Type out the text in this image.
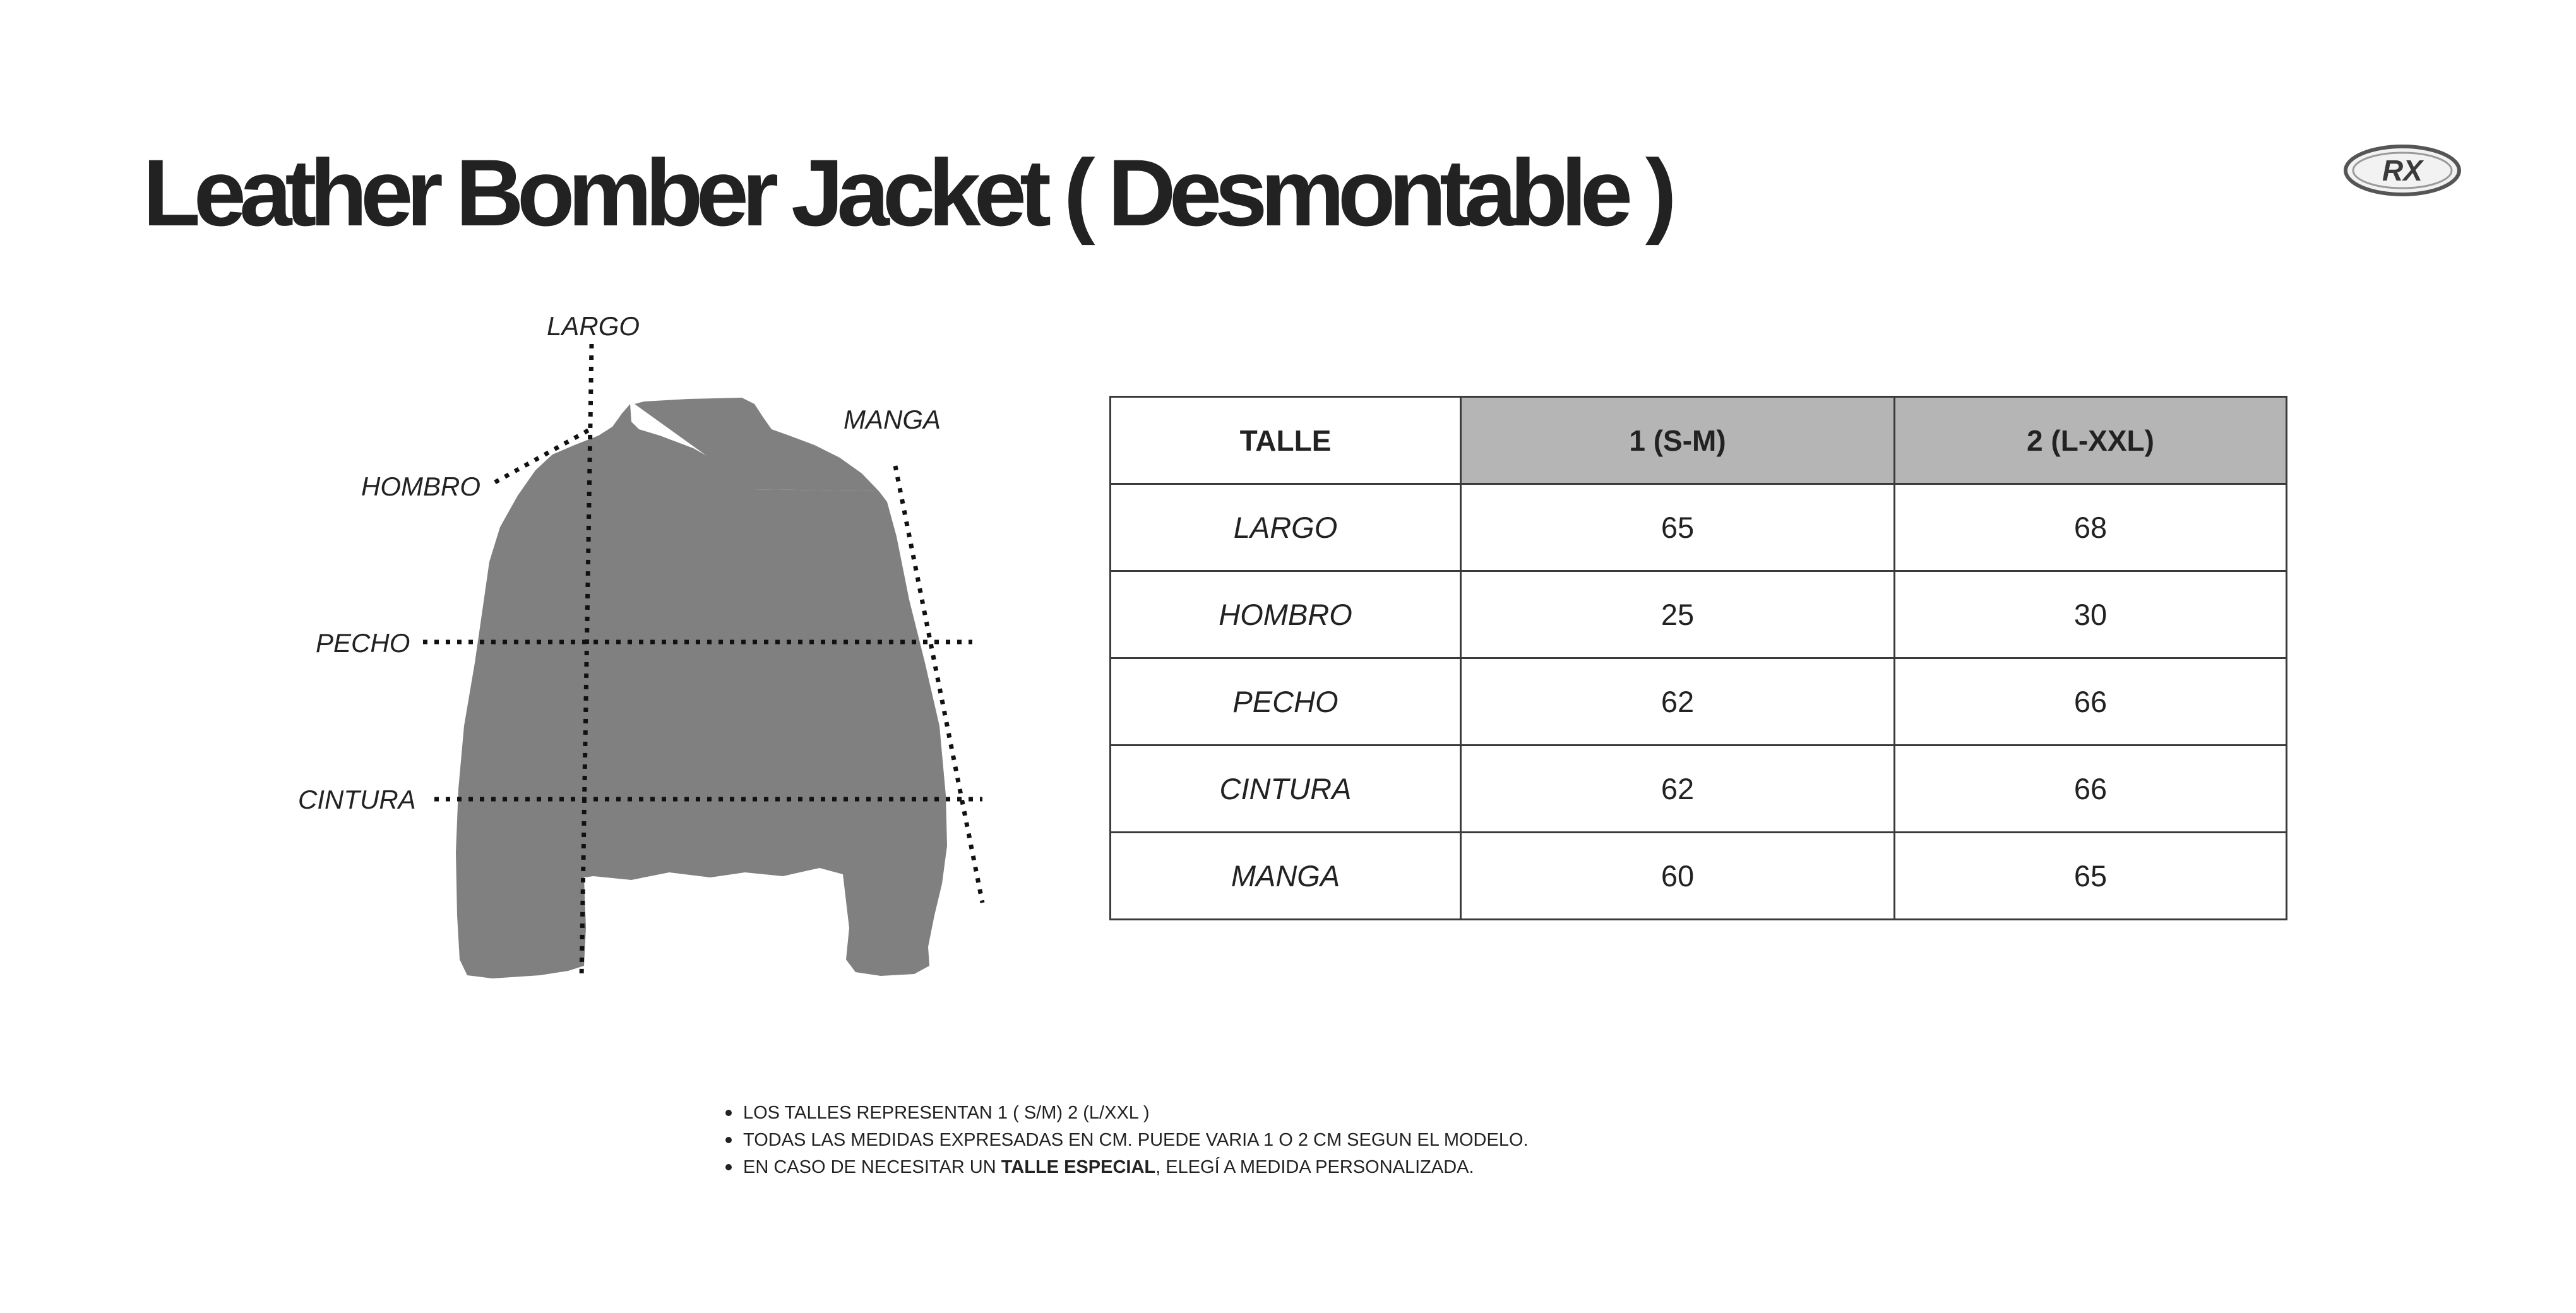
Leather Bomber Jacket ( Desmontable )	RX
LARGO
MANGA
HOMBRO
PECHO
CINTURA
TALLE	1 (S-M)	2 (L-XXL)
LARGO	65	68
HOMBRO	25	30
PECHO	62	66
CINTURA	62	66
MANGA	60	65
LOS TALLES REPRESENTAN 1 ( S/M) 2 (L/XXL )
TODAS LAS MEDIDAS EXPRESADAS EN CM. PUEDE VARIA 1 O 2 CM SEGUN EL MODELO.
EN CASO DE NECESITAR UN TALLE ESPECIAL, ELEGÍ A MEDIDA PERSONALIZADA.
